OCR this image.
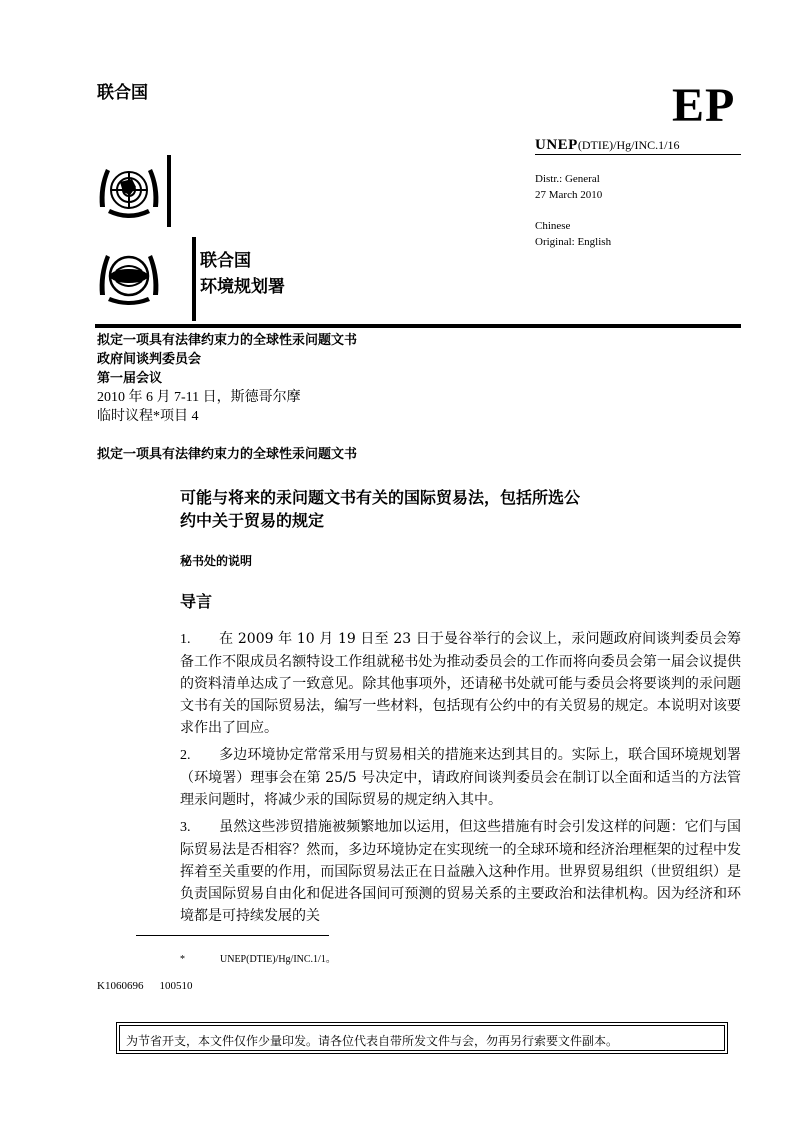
联合国	EP
UNEP(DTIE)/Hg/INC.1/16
Distr.: General
27 March 2010
Chinese
Original: English
联合国
环境规划署
拟定一项具有法律约束力的全球性汞问题文书
政府间谈判委员会
第一届会议
2010 年 6 月 7-11 日，斯德哥尔摩
临时议程*项目 4
拟定一项具有法律约束力的全球性汞问题文书
可能与将来的汞问题文书有关的国际贸易法，包括所选公
约中关于贸易的规定
秘书处的说明
导言

1. 在 2009 年 10 月 19 日至 23 日于曼谷举行的会议上，汞问题政府间谈判委员会筹备工作不限成员名额特设工作组就秘书处为推动委员会的工作而将向委员会第一届会议提供的资料清单达成了一致意见。除其他事项外，还请秘书处就可能与委员会将要谈判的汞问题文书有关的国际贸易法，编写一些材料，包括现有公约中的有关贸易的规定。本说明对该要求作出了回应。

2. 多边环境协定常常采用与贸易相关的措施来达到其目的。实际上，联合国环境规划署（环境署）理事会在第 25/5 号决定中，请政府间谈判委员会在制订以全面和适当的方法管理汞问题时，将减少汞的国际贸易的规定纳入其中。

3. 虽然这些涉贸措施被频繁地加以运用，但这些措施有时会引发这样的问题：它们与国际贸易法是否相容？然而，多边环境协定在实现统一的全球环境和经济治理框架的过程中发挥着至关重要的作用，而国际贸易法正在日益融入这种作用。世界贸易组织（世贸组织）是负责国际贸易自由化和促进各国间可预测的贸易关系的主要政治和法律机构。因为经济和环境都是可持续发展的关

*	UNEP(DTIE)/Hg/INC.1/1。
K1060696 100510
为节省开支，本文件仅作少量印发。请各位代表自带所发文件与会，勿再另行索要文件副本。
